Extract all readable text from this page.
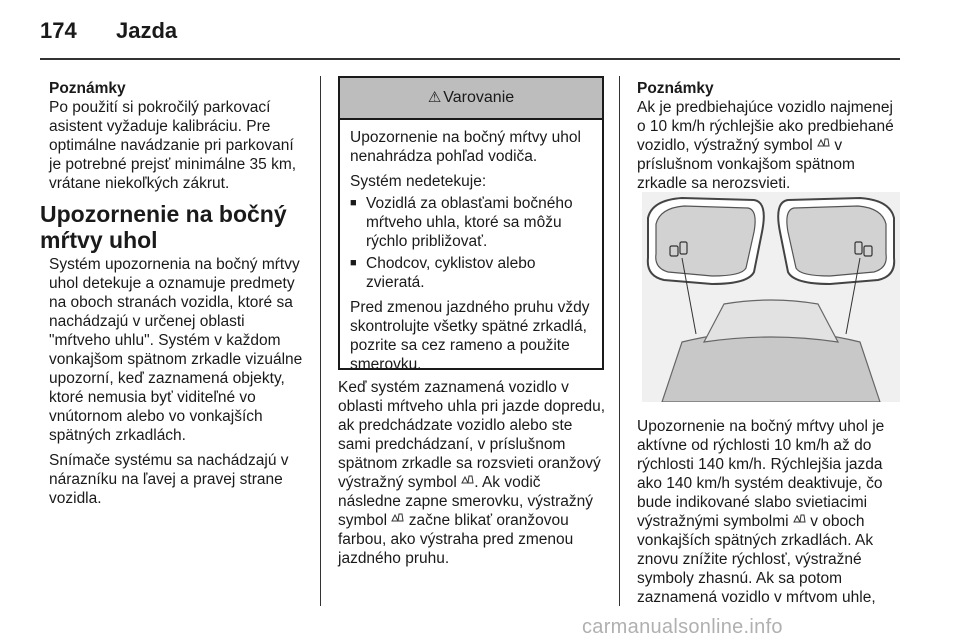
174 Jazda

Poznámky

Po použití si pokročilý parkovací asistent vyžaduje kalibráciu. Pre optimálne navádzanie pri parkovaní je potrebné prejsť minimálne 35 km, vrátane niekoľkých zákrut.

Upozornenie na bočný mŕtvy uhol

Systém upozornenia na bočný mŕtvy uhol detekuje a oznamuje predmety na oboch stranách vozidla, ktoré sa nachádzajú v určenej oblasti "mŕtveho uhlu". Systém v každom vonkajšom spätnom zrkadle vizuálne upozorní, keď zaznamená objekty, ktoré nemusia byť viditeľné vo vnútornom alebo vo vonkajších spätných zrkadlách.

Snímače systému sa nachádzajú v nárazníku na ľavej a pravej strane vozidla.

⚠ Varovanie

Upozornenie na bočný mŕtvy uhol nenahrádza pohľad vodiča.

Systém nedetekuje:

■ Vozidlá za oblasťami bočného mŕtveho uhla, ktoré sa môžu rýchlo približovať.
■ Chodcov, cyklistov alebo zvieratá.

Pred zmenou jazdného pruhu vždy skontrolujte všetky spätné zrkadlá, pozrite sa cez rameno a použite smerovku.

Keď systém zaznamená vozidlo v oblasti mŕtveho uhla pri jazde dopredu, ak predchádzate vozidlo alebo ste sami predchádzaní, v príslušnom spätnom zrkadle sa rozsvieti oranžový výstražný symbol . Ak vodič následne zapne smerovku, výstražný symbol  začne blikať oranžovou farbou, ako výstraha pred zmenou jazdného pruhu.

Poznámky

Ak je predbiehajúce vozidlo najmenej o 10 km/h rýchlejšie ako predbiehané vozidlo, výstražný symbol  v príslušnom vonkajšom spätnom zrkadle sa nerozsvieti.

Upozornenie na bočný mŕtvy uhol je aktívne od rýchlosti 10 km/h až do rýchlosti 140 km/h. Rýchlejšia jazda ako 140 km/h systém deaktivuje, čo bude indikované slabo svietiacimi výstražnými symbolmi  v oboch vonkajších spätných zrkadlách. Ak znovu znížite rýchlosť, výstražné symboly zhasnú. Ak sa potom zaznamená vozidlo v mŕtvom uhle,

carmanualsonline.info
